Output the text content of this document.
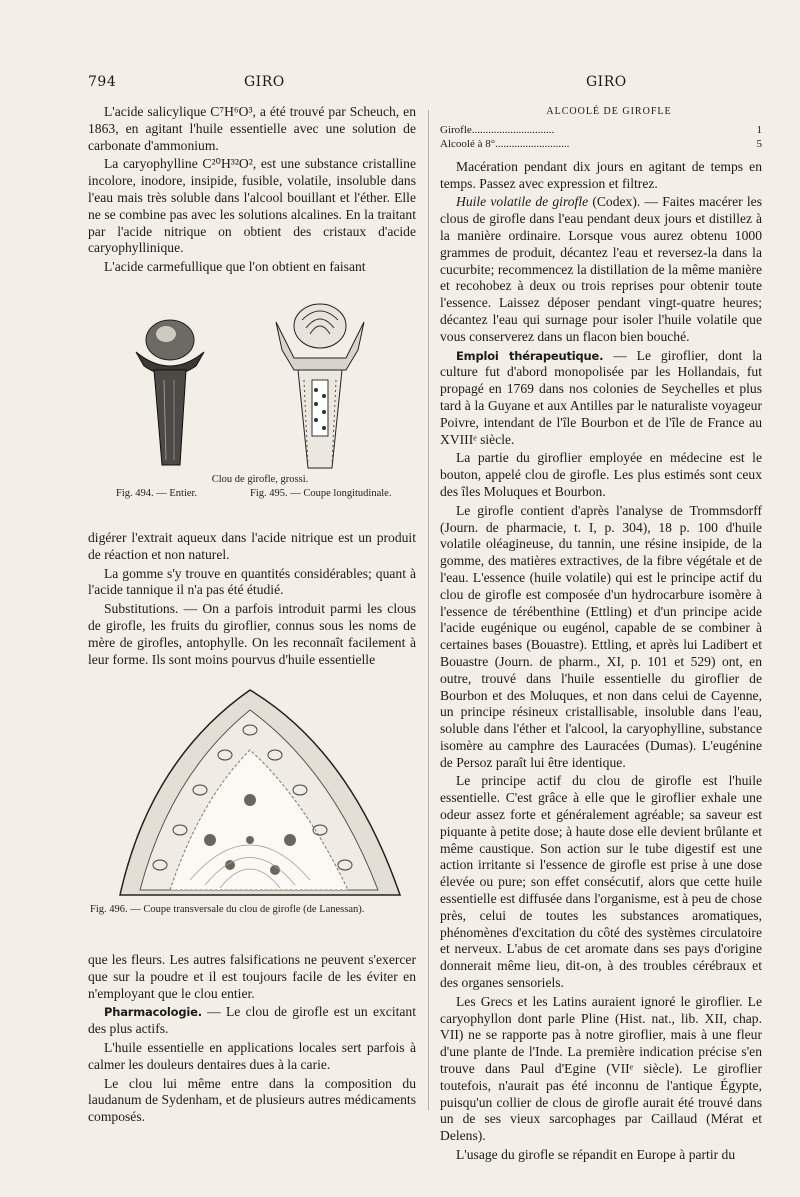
794	GIRO	GIRO

L'acide salicylique C⁷H⁶O³, a été trouvé par Scheuch, en 1863, en agitant l'huile essentielle avec une solution de carbonate d'ammonium.

La caryophylline C²⁰H³²O², est une substance cristalline incolore, inodore, insipide, fusible, volatile, insoluble dans l'eau mais très soluble dans l'alcool bouillant et l'éther. Elle ne se combine pas avec les solutions alcalines. En la traitant par l'acide nitrique on obtient des cristaux d'acide caryophyllinique.

L'acide carmefullique que l'on obtient en faisant

Clou de girofle, grossi.
Fig. 494. — Entier.	Fig. 495. — Coupe longitudinale.

digérer l'extrait aqueux dans l'acide nitrique est un produit de réaction et non naturel.

La gomme s'y trouve en quantités considérables; quant à l'acide tannique il n'a pas été étudié.

Substitutions. — On a parfois introduit parmi les clous de girofle, les fruits du giroflier, connus sous les noms de mère de girofles, antophylle. On les reconnaît facilement à leur forme. Ils sont moins pourvus d'huile essentielle

Fig. 496. — Coupe transversale du clou de girofle (de Lanessan).

que les fleurs. Les autres falsifications ne peuvent s'exercer que sur la poudre et il est toujours facile de les éviter en n'employant que le clou entier.

Pharmacologie. — Le clou de girofle est un excitant des plus actifs.

L'huile essentielle en applications locales sert parfois à calmer les douleurs dentaires dues à la carie.

Le clou lui même entre dans la composition du laudanum de Sydenham, et de plusieurs autres médicaments composés.

ALCOOLÉ DE GIROFLE

Girofle..............................	1
Alcoolé à 8°...........................	5

Macération pendant dix jours en agitant de temps en temps. Passez avec expression et filtrez.

Huile volatile de girofle (Codex). — Faites macérer les clous de girofle dans l'eau pendant deux jours et distillez à la manière ordinaire. Lorsque vous aurez obtenu 1000 grammes de produit, décantez l'eau et reversez-la dans la cucurbite; recommencez la distillation de la même manière et recohobez à deux ou trois reprises pour obtenir toute l'essence. Laissez déposer pendant vingt-quatre heures; décantez l'eau qui surnage pour isoler l'huile volatile que vous conserverez dans un flacon bien bouché.

Emploi thérapeutique. — Le giroflier, dont la culture fut d'abord monopolisée par les Hollandais, fut propagé en 1769 dans nos colonies de Seychelles et plus tard à la Guyane et aux Antilles par le naturaliste voyageur Poivre, intendant de l'île Bourbon et de l'île de France au XVIIIᵉ siècle.

La partie du giroflier employée en médecine est le bouton, appelé clou de girofle. Les plus estimés sont ceux des îles Moluques et Bourbon.

Le girofle contient d'après l'analyse de Trommsdorff (Journ. de pharmacie, t. I, p. 304), 18 p. 100 d'huile volatile oléagineuse, du tannin, une résine insipide, de la gomme, des matières extractives, de la fibre végétale et de l'eau. L'essence (huile volatile) qui est le principe actif du clou de girofle est composée d'un hydrocarbure isomère à l'essence de térébenthine (Ettling) et d'un principe acide l'acide eugénique ou eugénol, capable de se combiner à certaines bases (Bouastre). Ettling, et après lui Ladibert et Bouastre (Journ. de pharm., XI, p. 101 et 529) ont, en outre, trouvé dans l'huile essentielle du giroflier de Bourbon et des Moluques, et non dans celui de Cayenne, un principe résineux cristallisable, insoluble dans l'eau, soluble dans l'éther et l'alcool, la caryophylline, substance isomère au camphre des Lauracées (Dumas). L'eugénine de Persoz paraît lui être identique.

Le principe actif du clou de girofle est l'huile essentielle. C'est grâce à elle que le giroflier exhale une odeur assez forte et généralement agréable; sa saveur est piquante à petite dose; à haute dose elle devient brûlante et même caustique. Son action sur le tube digestif est une action irritante si l'essence de girofle est prise à une dose élevée ou pure; son effet consécutif, alors que cette huile essentielle est diffusée dans l'organisme, est à peu de chose près, celui de toutes les substances aromatiques, phénomènes d'excitation du côté des systèmes circulatoire et nerveux. L'abus de cet aromate dans ses pays d'origine donnerait même lieu, dit-on, à des troubles cérébraux et des organes sensoriels.

Les Grecs et les Latins auraient ignoré le giroflier. Le caryophyllon dont parle Pline (Hist. nat., lib. XII, chap. VII) ne se rapporte pas à notre giroflier, mais à une fleur d'une plante de l'Inde. La première indication précise s'en trouve dans Paul d'Egine (VIIᵉ siècle). Le giroflier toutefois, n'aurait pas été inconnu de l'antique Égypte, puisqu'un collier de clous de girofle aurait été trouvé dans un de ses vieux sarcophages par Caillaud (Mérat et Delens).

L'usage du girofle se répandit en Europe à partir du
